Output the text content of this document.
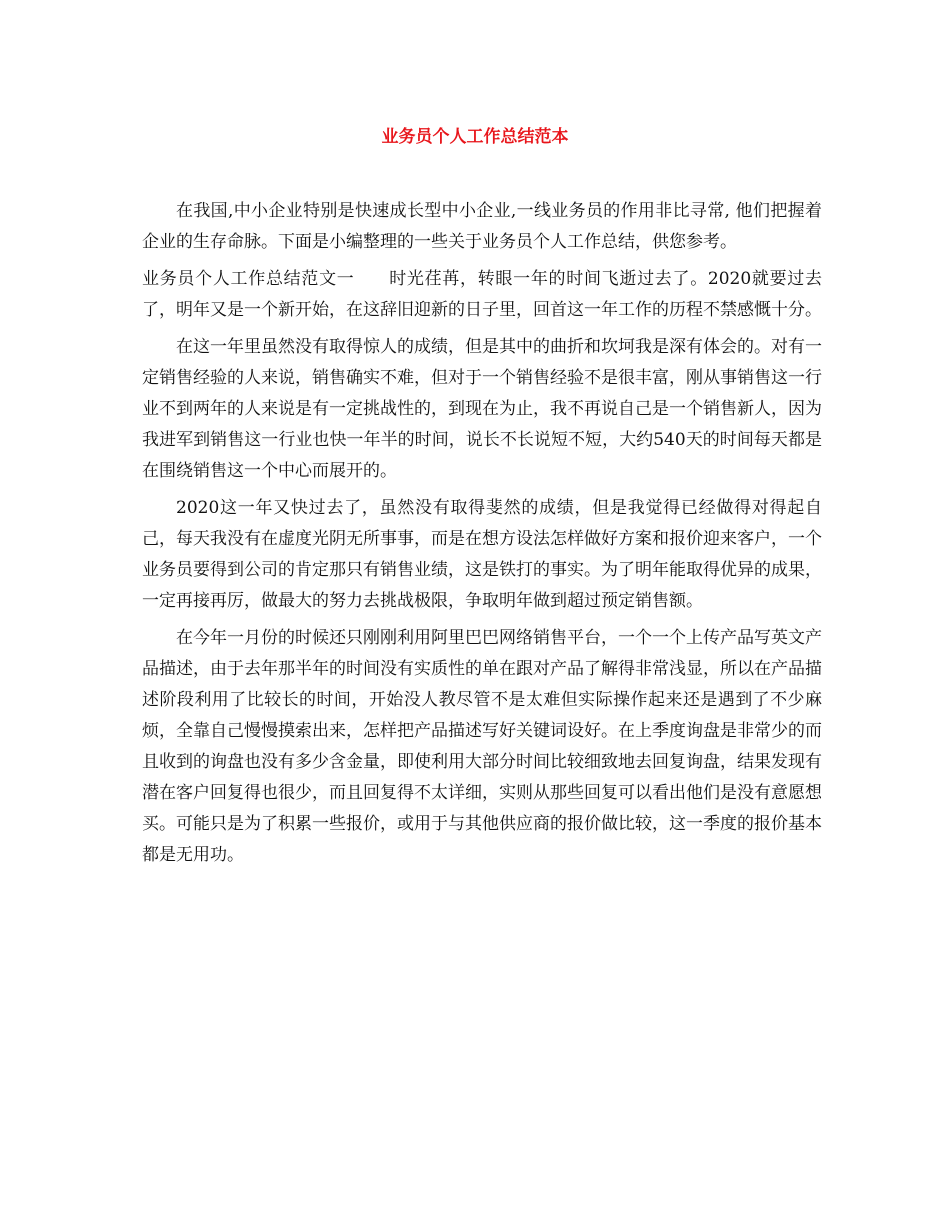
业务员个人工作总结范本

在我国,中小企业特别是快速成长型中小企业,一线业务员的作用非比寻常, 他们把握着企业的生存命脉。下面是小编整理的一些关于业务员个人工作总结，供您参考。

业务员个人工作总结范文一 时光荏苒，转眼一年的时间飞逝过去了。2020就要过去了，明年又是一个新开始，在这辞旧迎新的日子里，回首这一年工作的历程不禁感慨十分。

在这一年里虽然没有取得惊人的成绩，但是其中的曲折和坎坷我是深有体会的。对有一定销售经验的人来说，销售确实不难，但对于一个销售经验不是很丰富，刚从事销售这一行业不到两年的人来说是有一定挑战性的，到现在为止，我不再说自己是一个销售新人，因为我进军到销售这一行业也快一年半的时间，说长不长说短不短，大约540天的时间每天都是在围绕销售这一个中心而展开的。

2020这一年又快过去了，虽然没有取得斐然的成绩，但是我觉得已经做得对得起自己，每天我没有在虚度光阴无所事事，而是在想方设法怎样做好方案和报价迎来客户，一个业务员要得到公司的肯定那只有销售业绩，这是铁打的事实。为了明年能取得优异的成果，一定再接再厉，做最大的努力去挑战极限，争取明年做到超过预定销售额。

在今年一月份的时候还只刚刚利用阿里巴巴网络销售平台，一个一个上传产品写英文产品描述，由于去年那半年的时间没有实质性的单在跟对产品了解得非常浅显，所以在产品描述阶段利用了比较长的时间，开始没人教尽管不是太难但实际操作起来还是遇到了不少麻烦，全靠自己慢慢摸索出来，怎样把产品描述写好关键词设好。在上季度询盘是非常少的而且收到的询盘也没有多少含金量，即使利用大部分时间比较细致地去回复询盘，结果发现有潜在客户回复得也很少，而且回复得不太详细，实则从那些回复可以看出他们是没有意愿想买。可能只是为了积累一些报价，或用于与其他供应商的报价做比较，这一季度的报价基本都是无用功。
